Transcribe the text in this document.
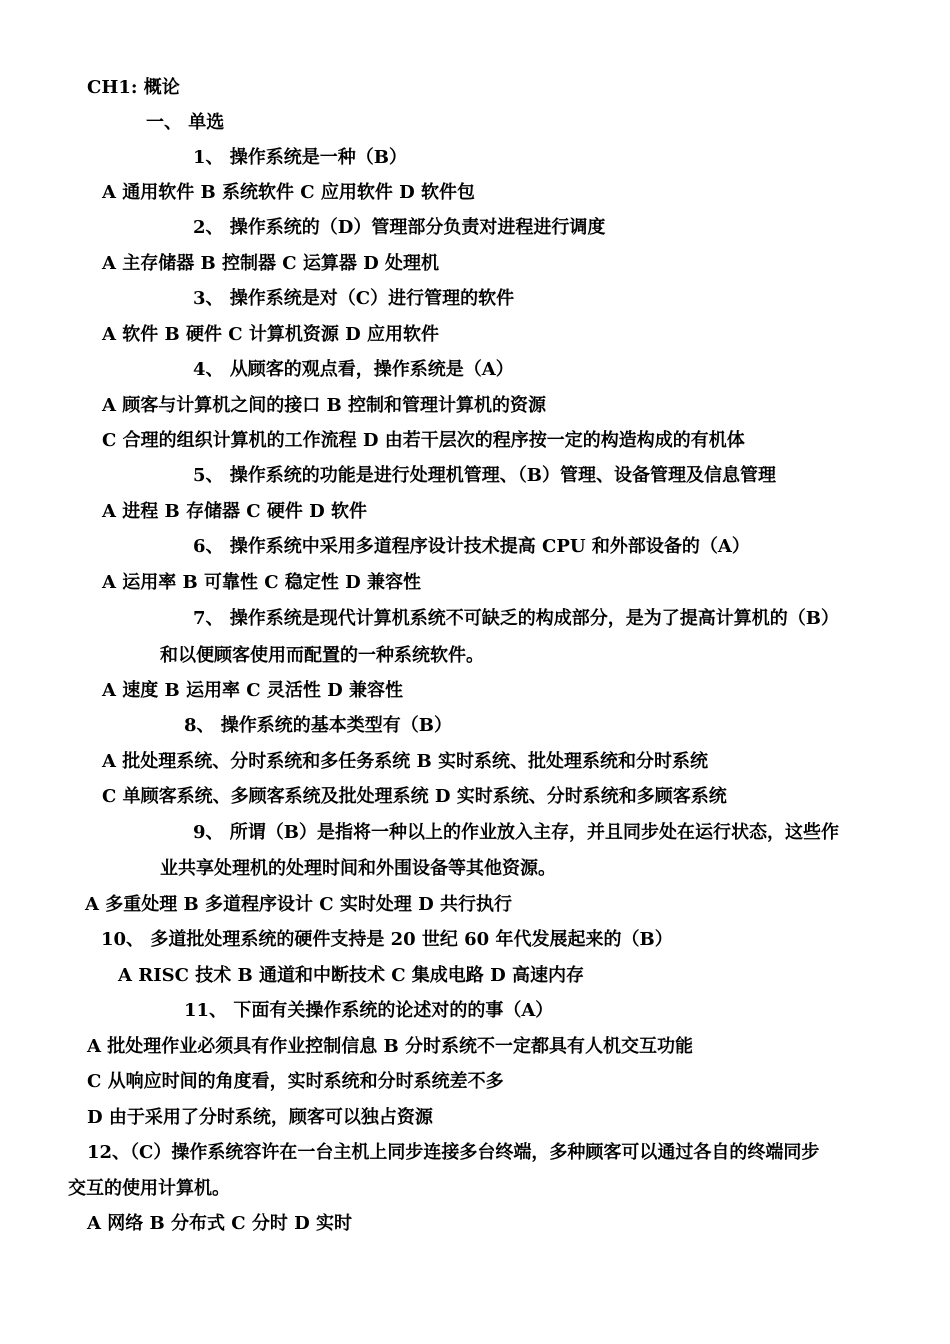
CH1: 概论

一、 单选

1、 操作系统是一种（B）

A 通用软件 B 系统软件 C 应用软件 D 软件包

2、 操作系统的（D）管理部分负责对进程进行调度

A 主存储器 B 控制器 C 运算器 D 处理机

3、 操作系统是对（C）进行管理的软件

A 软件 B 硬件 C 计算机资源 D 应用软件

4、 从顾客的观点看，操作系统是（A）

A 顾客与计算机之间的接口 B 控制和管理计算机的资源

C 合理的组织计算机的工作流程 D 由若干层次的程序按一定的构造构成的有机体

5、 操作系统的功能是进行处理机管理、（B）管理、设备管理及信息管理

A 进程 B 存储器 C 硬件 D 软件

6、 操作系统中采用多道程序设计技术提高 CPU 和外部设备的（A）

A 运用率 B 可靠性 C 稳定性 D 兼容性

7、 操作系统是现代计算机系统不可缺乏的构成部分，是为了提高计算机的（B）

和以便顾客使用而配置的一种系统软件。

A 速度 B 运用率 C 灵活性 D 兼容性

8、 操作系统的基本类型有（B）

A 批处理系统、分时系统和多任务系统 B 实时系统、批处理系统和分时系统

C 单顾客系统、多顾客系统及批处理系统 D 实时系统、分时系统和多顾客系统

9、 所谓（B）是指将一种以上的作业放入主存，并且同步处在运行状态，这些作

业共享处理机的处理时间和外围设备等其他资源。

A 多重处理 B 多道程序设计 C 实时处理 D 共行执行

10、 多道批处理系统的硬件支持是 20 世纪 60 年代发展起来的（B）

A RISC 技术 B 通道和中断技术 C 集成电路 D 高速内存

11、 下面有关操作系统的论述对的的事（A）

A 批处理作业必须具有作业控制信息 B 分时系统不一定都具有人机交互功能

C 从响应时间的角度看，实时系统和分时系统差不多

D 由于采用了分时系统，顾客可以独占资源

12、（C）操作系统容许在一台主机上同步连接多台终端，多种顾客可以通过各自的终端同步

交互的使用计算机。

A 网络 B 分布式 C 分时 D 实时
